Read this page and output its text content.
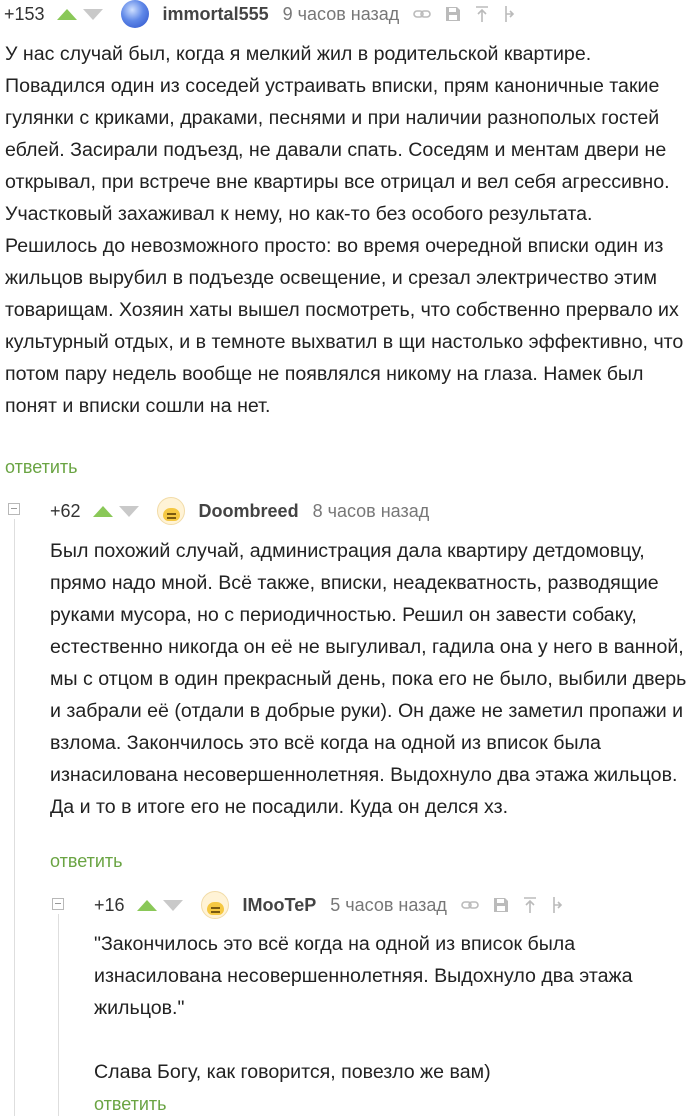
+153	immortal555 9 часов назад

У нас случай был, когда я мелкий жил в родительской квартире. Повадился один из соседей устраивать вписки, прям каноничные такие гулянки с криками, драками, песнями и при наличии разнополых гостей еблей. Засирали подъезд, не давали спать. Соседям и ментам двери не открывал, при встрече вне квартиры все отрицал и вел себя агрессивно. Участковый захаживал к нему, но как-то без особого результата. Решилось до невозможного просто: во время очередной вписки один из жильцов вырубил в подъезде освещение, и срезал электричество этим товарищам. Хозяин хаты вышел посмотреть, что собственно прервало их культурный отдых, и в темноте выхватил в щи настолько эффективно, что потом пару недель вообще не появлялся никому на глаза. Намек был понят и вписки сошли на нет.

ответить
+62	Doombreed 8 часов назад

Был похожий случай, администрация дала квартиру детдомовцу, прямо надо мной. Всё также, вписки, неадекватность, разводящие руками мусора, но с периодичностью. Решил он завести собаку, естественно никогда он её не выгуливал, гадила она у него в ванной, мы с отцом в один прекрасный день, пока его не было, выбили дверь и забрали её (отдали в добрые руки). Он даже не заметил пропажи и взлома. Закончилось это всё когда на одной из вписок была изнасилована несовершеннолетняя. Выдохнуло два этажа жильцов. Да и то в итоге его не посадили. Куда он делся хз.

ответить
+16	IMooTeP 5 часов назад

"Закончилось это всё когда на одной из вписок была изнасилована несовершеннолетняя. Выдохнуло два этажа жильцов."

Слава Богу, как говорится, повезло же вам)

ответить
